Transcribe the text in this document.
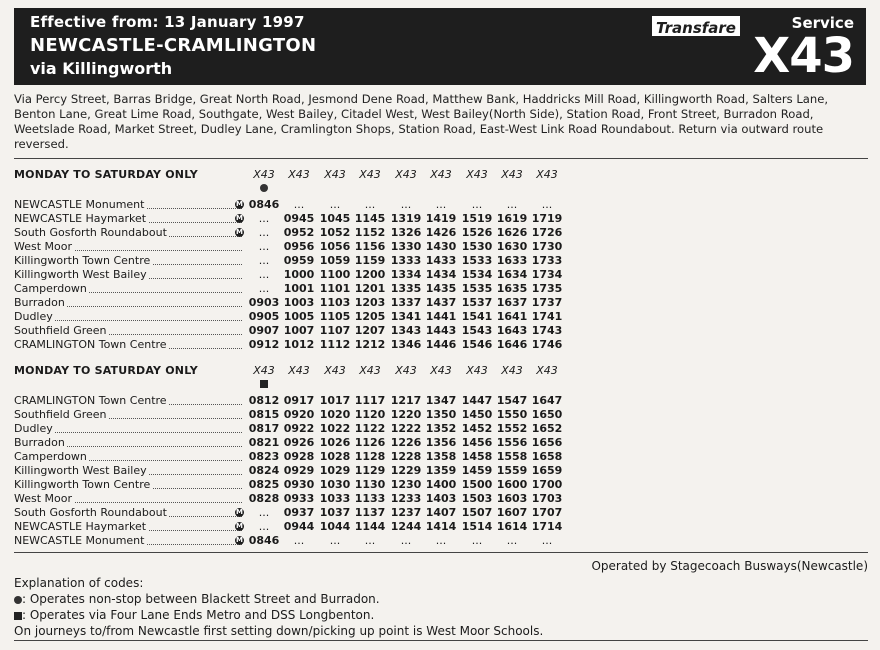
Effective from: 13 January 1997
NEWCASTLE-CRAMLINGTON
via Killingworth
Transfare	Service
X43
Via Percy Street, Barras Bridge, Great North Road, Jesmond Dene Road, Matthew Bank, Haddricks Mill Road, Killingworth Road, Salters Lane, Benton Lane, Great Lime Road, Southgate, West Bailey, Citadel West, West Bailey(North Side), Station Road, Front Street, Burradon Road, Weetslade Road, Market Street, Dudley Lane, Cramlington Shops, Station Road, East-West Link Road Roundabout. Return via outward route reversed.
MONDAY TO SATURDAY ONLY	X43	X43	X43	X43	X43	X43	X43	X43	X43
NEWCASTLE Monument	M 0846	...	...	...	...	...	...	...	...
NEWCASTLE Haymarket	M	...	0945 1045 1145 1319 1419 1519 1619 1719
South Gosforth Roundabout	M	...	0952 1052 1152 1326 1426 1526 1626 1726
West Moor	...	0956 1056 1156 1330 1430 1530 1630 1730
Killingworth Town Centre	...	0959 1059 1159 1333 1433 1533 1633 1733
Killingworth West Bailey	...	1000 1100 1200 1334 1434 1534 1634 1734
Camperdown	...	1001 1101 1201 1335 1435 1535 1635 1735
Burradon	0903 1003 1103 1203 1337 1437 1537 1637 1737
Dudley	0905 1005 1105 1205 1341 1441 1541 1641 1741
Southfield Green	0907 1007 1107 1207 1343 1443 1543 1643 1743
CRAMLINGTON Town Centre	0912 1012 1112 1212 1346 1446 1546 1646 1746
MONDAY TO SATURDAY ONLY	X43	X43	X43	X43	X43	X43	X43	X43	X43
CRAMLINGTON Town Centre	0812 0917 1017 1117 1217 1347 1447 1547 1647
Southfield Green	0815 0920 1020 1120 1220 1350 1450 1550 1650
Dudley	0817 0922 1022 1122 1222 1352 1452 1552 1652
Burradon	0821 0926 1026 1126 1226 1356 1456 1556 1656
Camperdown	0823 0928 1028 1128 1228 1358 1458 1558 1658
Killingworth West Bailey	0824 0929 1029 1129 1229 1359 1459 1559 1659
Killingworth Town Centre	0825 0930 1030 1130 1230 1400 1500 1600 1700
West Moor	0828 0933 1033 1133 1233 1403 1503 1603 1703
South Gosforth Roundabout	M	...	0937 1037 1137 1237 1407 1507 1607 1707
NEWCASTLE Haymarket	M	...	0944 1044 1144 1244 1414 1514 1614 1714
NEWCASTLE Monument	M 0846	...	...	...	...	...	...	...	...
Operated by Stagecoach Busways(Newcastle)
Explanation of codes:
: Operates non-stop between Blackett Street and Burradon.
: Operates via Four Lane Ends Metro and DSS Longbenton.
On journeys to/from Newcastle first setting down/picking up point is West Moor Schools.
